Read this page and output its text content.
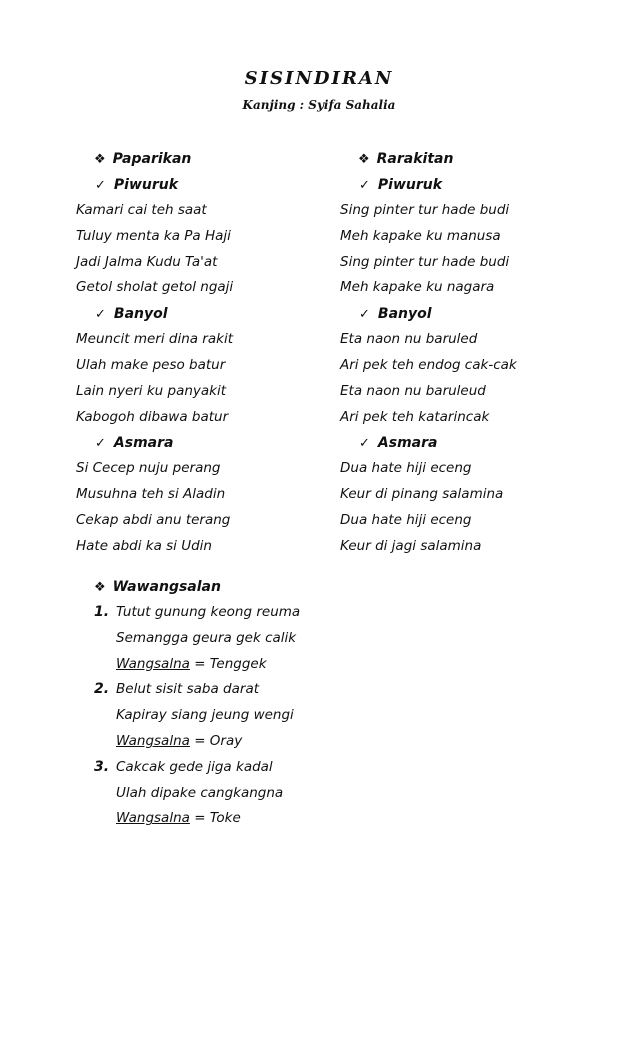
SISINDIRAN
Kanjing : Syifa Sahalia
❖ Paparikan
✓ Piwuruk
Kamari cai teh saat
Tuluy menta ka Pa Haji
Jadi Jalma Kudu Ta'at
Getol sholat getol ngaji
✓ Banyol
Meuncit meri dina rakit
Ulah make peso batur
Lain nyeri ku panyakit
Kabogoh dibawa batur
✓ Asmara
Si Cecep nuju perang
Musuhna teh si Aladin
Cekap abdi anu terang
Hate abdi ka si Udin
❖ Rarakitan
✓ Piwuruk
Sing pinter tur hade budi
Meh kapake ku manusa
Sing pinter tur hade budi
Meh kapake ku nagara
✓ Banyol
Eta naon nu baruled
Ari pek teh endog cak-cak
Eta naon nu baruleud
Ari pek teh katarincak
✓ Asmara
Dua hate hiji eceng
Keur di pinang salamina
Dua hate hiji eceng
Keur di jagi salamina
❖ Wawangsalan
1. Tutut gunung keong reuma
Semangga geura gek calik
Wangsalna = Tenggek
2. Belut sisit saba darat
Kapiray siang jeung wengi
Wangsalna = Oray
3. Cakcak gede jiga kadal
Ulah dipake cangkangna
Wangsalna = Toke
